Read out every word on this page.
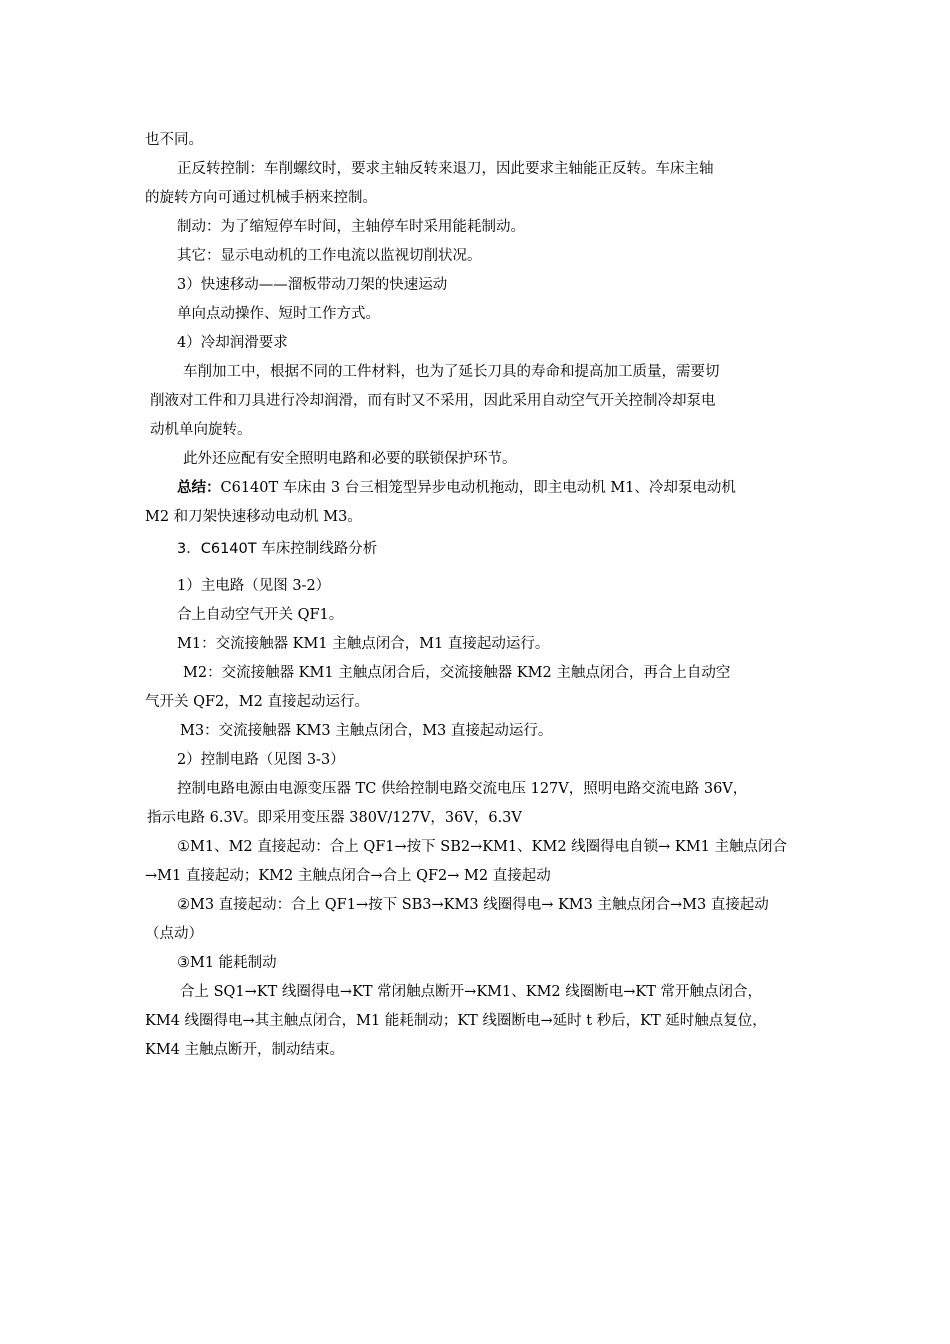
也不同。
正反转控制：车削螺纹时，要求主轴反转来退刀，因此要求主轴能正反转。车床主轴
的旋转方向可通过机械手柄来控制。
制动：为了缩短停车时间，主轴停车时采用能耗制动。
其它：显示电动机的工作电流以监视切削状况。
3）快速移动——溜板带动刀架的快速运动
单向点动操作、短时工作方式。
4）冷却润滑要求
车削加工中，根据不同的工件材料，也为了延长刀具的寿命和提高加工质量，需要切
削液对工件和刀具进行冷却润滑，而有时又不采用，因此采用自动空气开关控制冷却泵电
动机单向旋转。
此外还应配有安全照明电路和必要的联锁保护环节。
总结：C6140T 车床由 3 台三相笼型异步电动机拖动，即主电动机 M1、冷却泵电动机
M2 和刀架快速移动电动机 M3。
3．C6140T 车床控制线路分析
1）主电路（见图 3-2）
合上自动空气开关 QF1。
M1：交流接触器 KM1 主触点闭合，M1 直接起动运行。
M2：交流接触器 KM1 主触点闭合后，交流接触器 KM2 主触点闭合，再合上自动空
气开关 QF2，M2 直接起动运行。
M3：交流接触器 KM3 主触点闭合，M3 直接起动运行。
2）控制电路（见图 3-3）
控制电路电源由电源变压器 TC 供给控制电路交流电压 127V，照明电路交流电路 36V，
指示电路 6.3V。即采用变压器 380V/127V，36V，6.3V
①M1、M2 直接起动：合上 QF1→按下 SB2→KM1、KM2 线圈得电自锁→ KM1 主触点闭合
→M1 直接起动；KM2 主触点闭合→合上 QF2→ M2 直接起动
②M3 直接起动：合上 QF1→按下 SB3→KM3 线圈得电→ KM3 主触点闭合→M3 直接起动
（点动）
③M1 能耗制动
合上 SQ1→KT 线圈得电→KT 常闭触点断开→KM1、KM2 线圈断电→KT 常开触点闭合，
KM4 线圈得电→其主触点闭合，M1 能耗制动；KT 线圈断电→延时 t 秒后，KT 延时触点复位，
KM4 主触点断开，制动结束。
